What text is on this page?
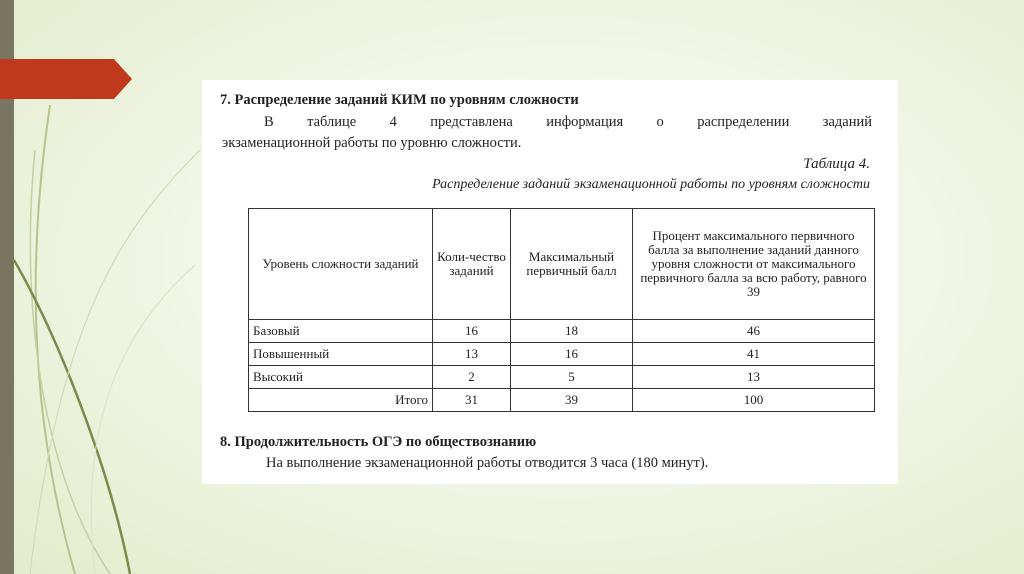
7. Распределение заданий КИМ по уровням сложности
В таблице 4 представлена информация о распределении заданий
экзаменационной работы по уровню сложности.
Таблица 4.
Распределение заданий экзаменационной работы по уровням сложности
Уровень сложности заданий	Коли-чество заданий	Максимальный первичный балл	Процент максимального первичного балла за выполнение заданий данного уровня сложности от максимального первичного балла за всю работу, равного 39
Базовый	16	18	46
Повышенный	13	16	41
Высокий	2	5	13
Итого	31	39	100
8. Продолжительность ОГЭ по обществознанию
На выполнение экзаменационной работы отводится 3 часа (180 минут).
